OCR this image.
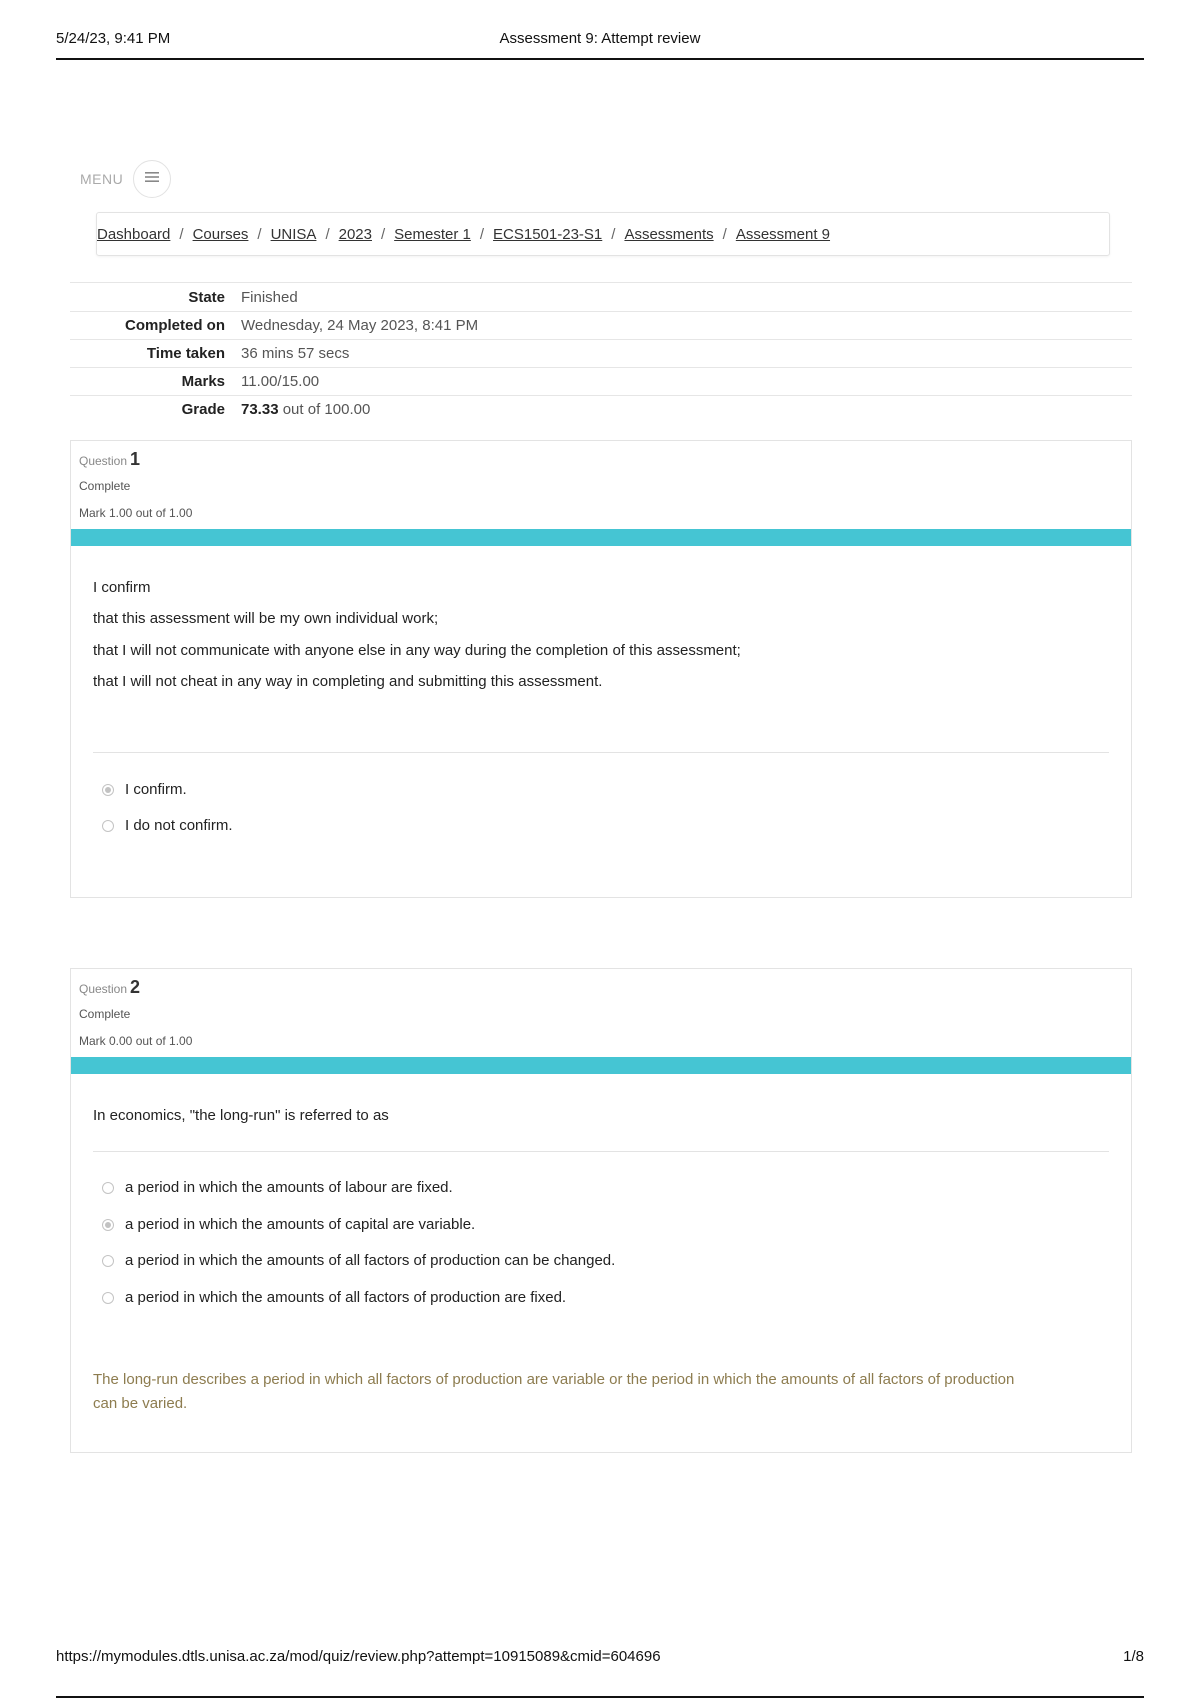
5/24/23, 9:41 PM	Assessment 9: Attempt review
MENU
Dashboard / Courses / UNISA / 2023 / Semester 1 / ECS1501-23-S1 / Assessments / Assessment 9
State	Finished
Completed on	Wednesday, 24 May 2023, 8:41 PM
Time taken	36 mins 57 secs
Marks	11.00/15.00
Grade	73.33 out of 100.00
Question 1
Complete
Mark 1.00 out of 1.00

I confirm

that this assessment will be my own individual work;

that I will not communicate with anyone else in any way during the completion of this assessment;

that I will not cheat in any way in completing and submitting this assessment.

I confirm.
I do not confirm.
Question 2
Complete
Mark 0.00 out of 1.00

In economics, "the long-run" is referred to as

a period in which the amounts of labour are fixed.
a period in which the amounts of capital are variable.
a period in which the amounts of all factors of production can be changed.
a period in which the amounts of all factors of production are fixed.
The long-run describes a period in which all factors of production are variable or the period in which the amounts of all factors of production can be varied.
https://mymodules.dtls.unisa.ac.za/mod/quiz/review.php?attempt=10915089&cmid=604696	1/8
